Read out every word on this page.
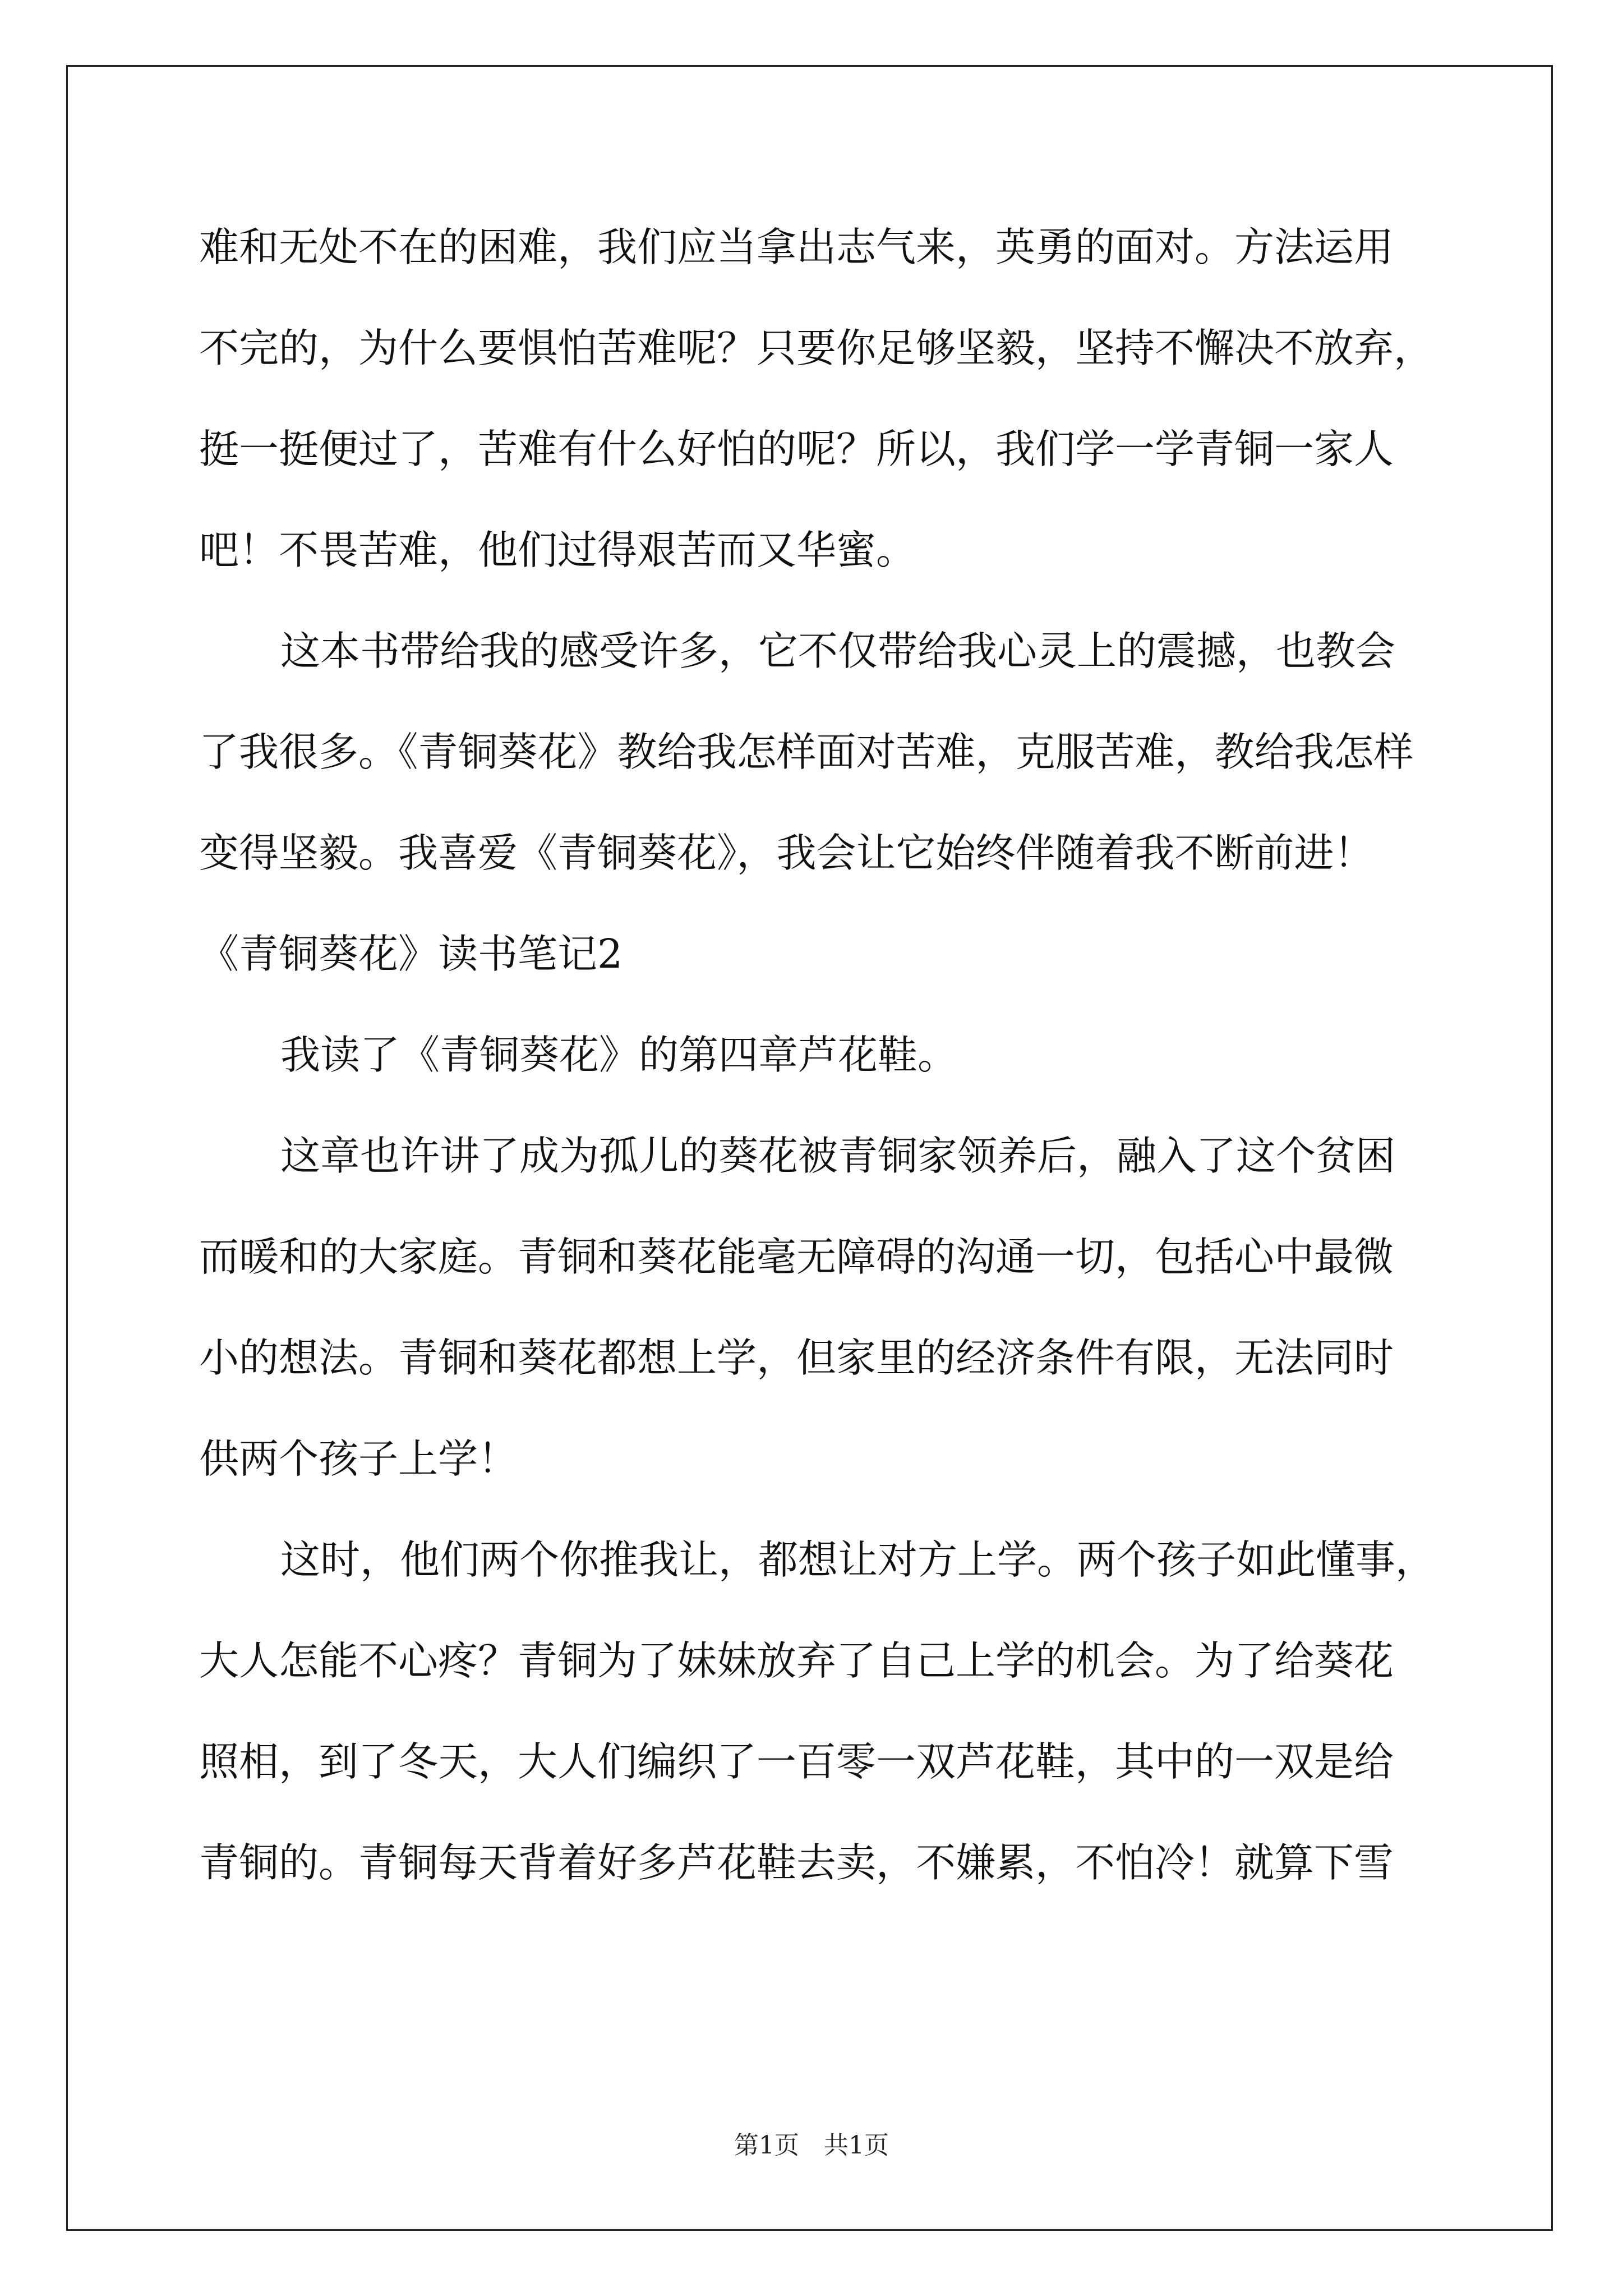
难和无处不在的困难，我们应当拿出志气来，英勇的面对。方法运用
不完的，为什么要惧怕苦难呢？只要你足够坚毅，坚持不懈决不放弃，
挺一挺便过了，苦难有什么好怕的呢？所以，我们学一学青铜一家人
吧！不畏苦难，他们过得艰苦而又华蜜。
这本书带给我的感受许多，它不仅带给我心灵上的震撼，也教会
了我很多。《青铜葵花》教给我怎样面对苦难，克服苦难，教给我怎样
变得坚毅。我喜爱《青铜葵花》，我会让它始终伴随着我不断前进！
《青铜葵花》读书笔记2
我读了《青铜葵花》的第四章芦花鞋。
这章也许讲了成为孤儿的葵花被青铜家领养后，融入了这个贫困
而暖和的大家庭。青铜和葵花能毫无障碍的沟通一切，包括心中最微
小的想法。青铜和葵花都想上学，但家里的经济条件有限，无法同时
供两个孩子上学！
这时，他们两个你推我让，都想让对方上学。两个孩子如此懂事，
大人怎能不心疼？青铜为了妹妹放弃了自己上学的机会。为了给葵花
照相，到了冬天，大人们编织了一百零一双芦花鞋，其中的一双是给
青铜的。青铜每天背着好多芦花鞋去卖，不嫌累，不怕冷！就算下雪
第1页　共1页
